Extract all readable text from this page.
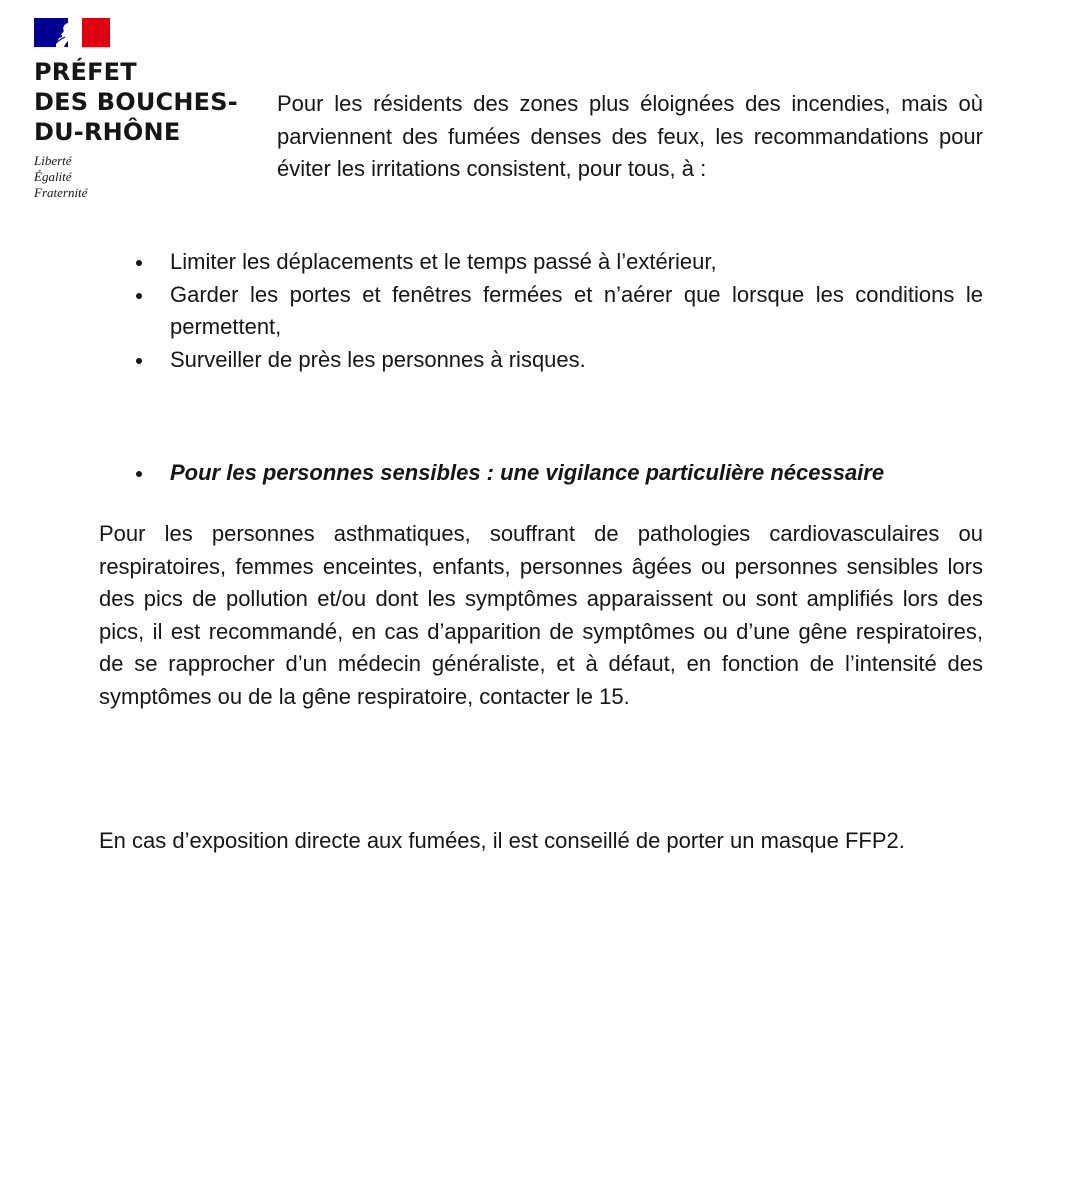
PRÉFET
DES BOUCHES-
DU-RHÔNE
Liberté
Égalité
Fraternité
Pour les résidents des zones plus éloignées des incendies, mais où parviennent des fumées denses des feux, les recommandations pour éviter les irritations consistent, pour tous, à :
Limiter les déplacements et le temps passé à l’extérieur,
Garder les portes et fenêtres fermées et n’aérer que lorsque les conditions le permettent,
Surveiller de près les personnes à risques.
Pour les personnes sensibles : une vigilance particulière nécessaire
Pour les personnes asthmatiques, souffrant de pathologies cardiovasculaires ou respiratoires, femmes enceintes, enfants, personnes âgées ou personnes sensibles lors des pics de pollution et/ou dont les symptômes apparaissent ou sont amplifiés lors des pics, il est recommandé, en cas d’apparition de symptômes ou d’une gêne respiratoires, de se rapprocher d’un médecin généraliste, et à défaut, en fonction de l’intensité des symptômes ou de la gêne respiratoire, contacter le 15.
En cas d’exposition directe aux fumées, il est conseillé de porter un masque FFP2.
